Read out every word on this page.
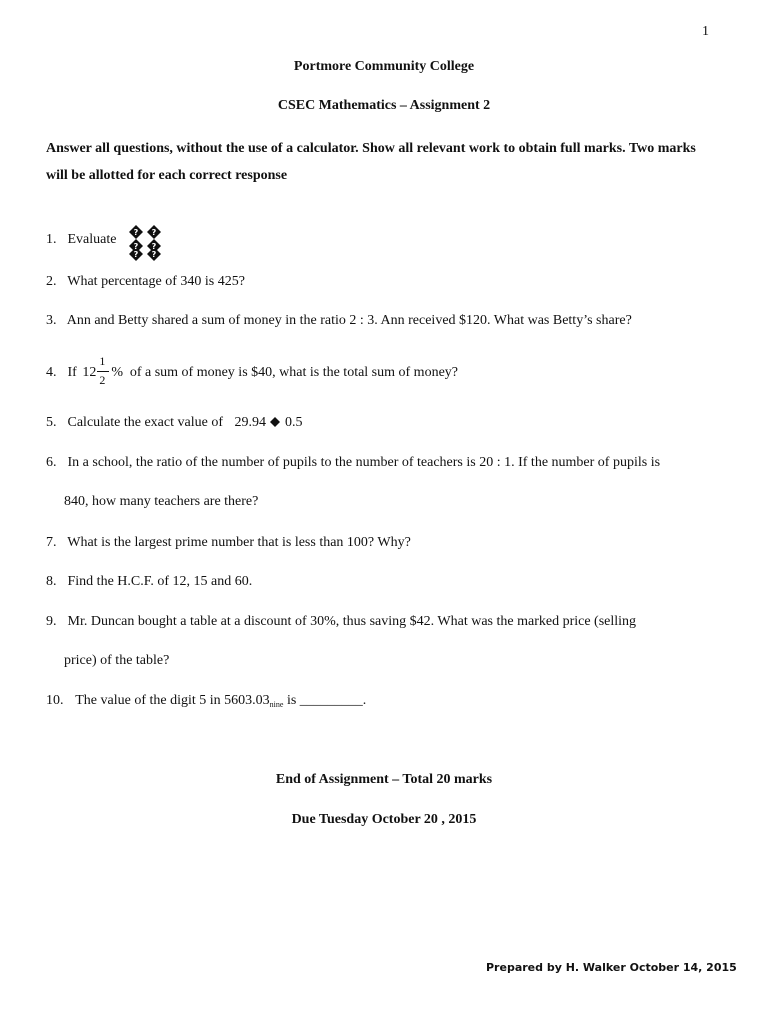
1
Portmore Community College
CSEC Mathematics – Assignment 2
Answer all questions, without the use of a calculator. Show all relevant work to obtain full marks. Two marks will be allotted for each correct response
1. Evaluate ? ?
? ?
? ?
2. What percentage of 340 is 425?
3. Ann and Betty shared a sum of money in the ratio 2 : 3. Ann received $120. What was Betty’s share?
4. If 12
1
2 % of a sum of money is $40, what is the total sum of money?
5. Calculate the exact value of 29.94 0.5
6. In a school, the ratio of the number of pupils to the number of teachers is 20 : 1. If the number of pupils is
840, how many teachers are there?
7. What is the largest prime number that is less than 100? Why?
8. Find the H.C.F. of 12, 15 and 60.
9. Mr. Duncan bought a table at a discount of 30%, thus saving $42. What was the marked price (selling
price) of the table?
10. The value of the digit 5 in $5603.03_{nine}$ is _________.
End of Assignment – Total 20 marks
Due Tuesday October 20 , 2015
Prepared by H. Walker October 14, 2015
